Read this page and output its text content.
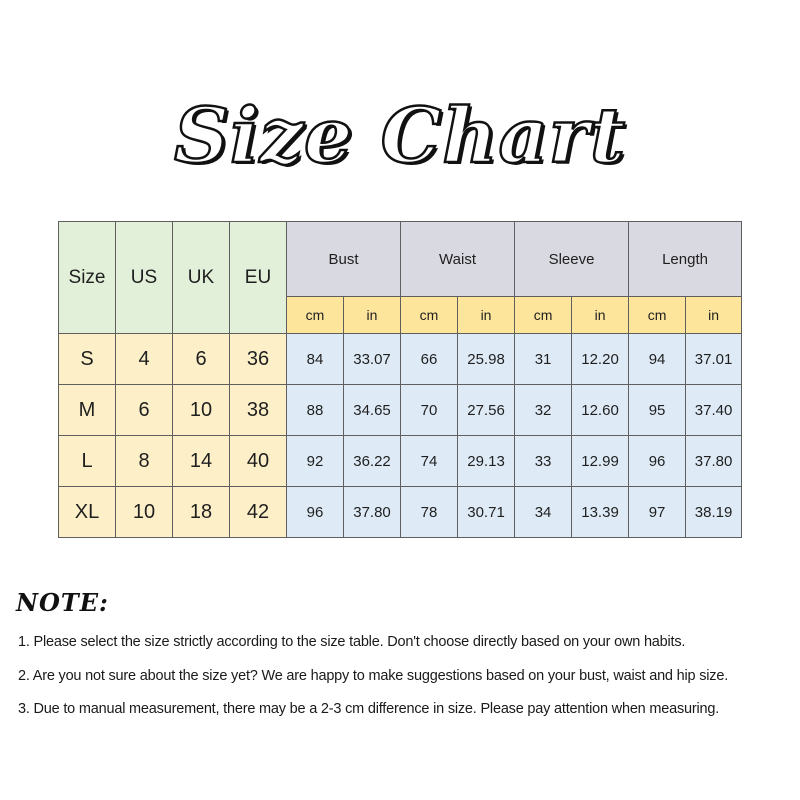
Size Chart
Size	US	UK	EU	Bust		Waist		Sleeve		Length	
				cm	in	cm	in	cm	in	cm	in
S	4	6	36	84	33.07	66	25.98	31	12.20	94	37.01
M	6	10	38	88	34.65	70	27.56	32	12.60	95	37.40
L	8	14	40	92	36.22	74	29.13	33	12.99	96	37.80
XL	10	18	42	96	37.80	78	30.71	34	13.39	97	38.19
NOTE:
1. Please select the size strictly according to the size table. Don't choose directly based on your own habits.
2. Are you not sure about the size yet? We are happy to make suggestions based on your bust, waist and hip size.
3. Due to manual measurement, there may be a 2-3 cm difference in size. Please pay attention when measuring.
